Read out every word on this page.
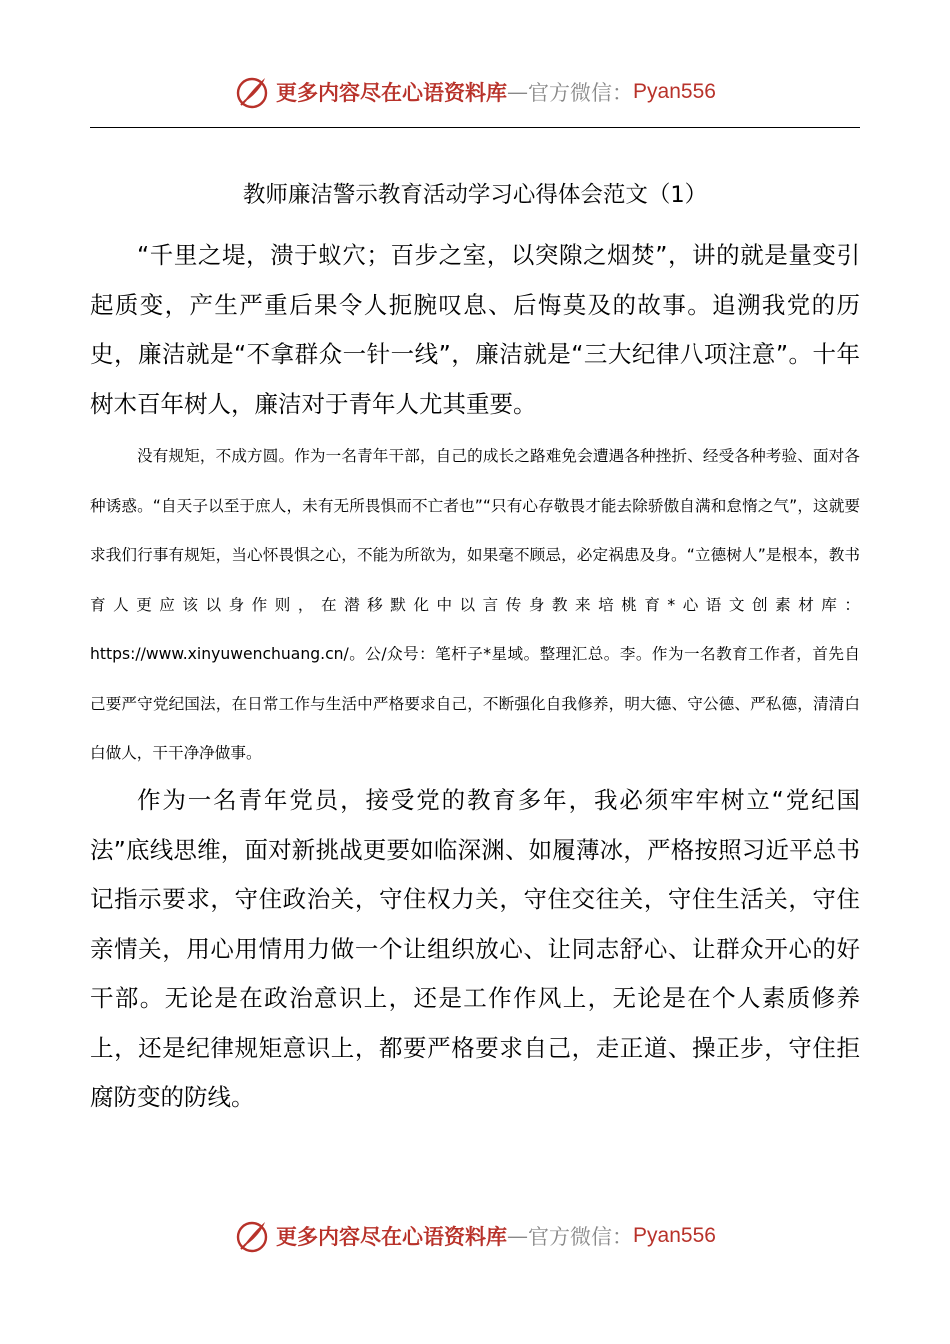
更多内容尽在心语资料库 — 官方微信： Pyan556
教师廉洁警示教育活动学习心得体会范文（1）

“千里之堤，溃于蚁穴；百步之室，以突隙之烟焚”，讲的就是量变引起质变，产生严重后果令人扼腕叹息、后悔莫及的故事。追溯我党的历史，廉洁就是“不拿群众一针一线”，廉洁就是“三大纪律八项注意”。十年树木百年树人，廉洁对于青年人尤其重要。

没有规矩，不成方圆。作为一名青年干部，自己的成长之路难免会遭遇各种挫折、经受各种考验、面对各种诱惑。“自天子以至于庶人，未有无所畏惧而不亡者也”“只有心存敬畏才能去除骄傲自满和怠惰之气”，这就要求我们行事有规矩，当心怀畏惧之心，不能为所欲为，如果毫不顾忌，必定祸患及身。“立德树人”是根本，教书育人更应该以身作则，在潜移默化中以言传身教来培桃育*心语文创素材库：https://www.xinyuwenchuang.cn/。公/众号：笔杆子*星域。整理汇总。李。作为一名教育工作者，首先自己要严守党纪国法，在日常工作与生活中严格要求自己，不断强化自我修养，明大德、守公德、严私德，清清白白做人，干干净净做事。

作为一名青年党员，接受党的教育多年，我必须牢牢树立“党纪国法”底线思维，面对新挑战更要如临深渊、如履薄冰，严格按照习近平总书记指示要求，守住政治关，守住权力关，守住交往关，守住生活关，守住亲情关，用心用情用力做一个让组织放心、让同志舒心、让群众开心的好干部。无论是在政治意识上，还是工作作风上，无论是在个人素质修养上，还是纪律规矩意识上，都要严格要求自己，走正道、操正步，守住拒腐防变的防线。

更多内容尽在心语资料库 — 官方微信： Pyan556
